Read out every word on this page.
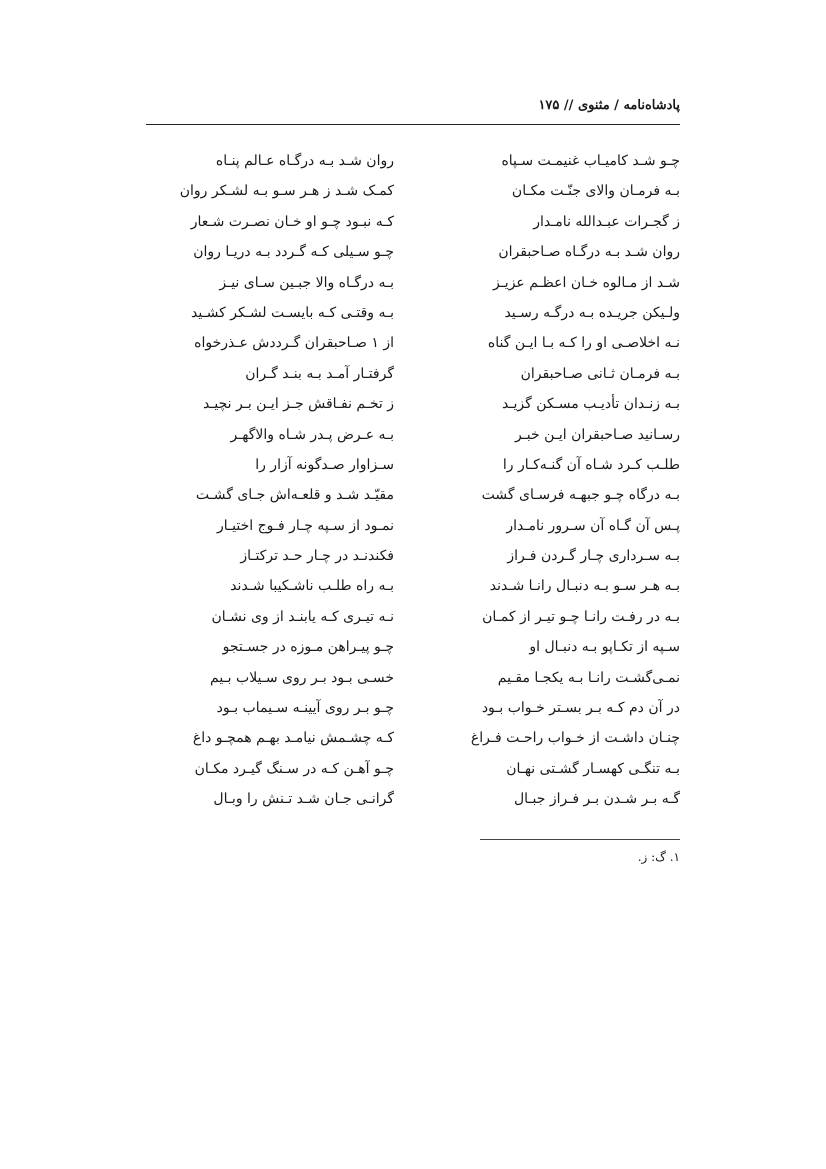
پادشاه‌نامه / مثنوی // ۱۷۵
چـو شـد کامیـاب غنیمـت سـپاه
بـه فرمـان والای جنّـت مکـان
ز گجـرات عبـدالله نامـدار
روان شـد بـه درگـاه صـاحبقران
شـد از مـالوه خـان اعظـم عزیـز
ولـیکن جریـده بـه درگـه رسـید
نـه اخلاصـی او را کـه بـا ایـن گناه
بـه فرمـان ثـانی صـاحبقران
بـه زنـدان تأدیـب مسـکن گزیـد
رسـانید صـاحبقران ایـن خبـر
طلـب کـرد شـاه آن گنـه‌کـار را
بـه درگاه چـو جبهـه فرسـای گشت
پـس آن گـاه آن سـرور نامـدار
بـه سـرداری چـار گـردن فـراز
بـه هـر سـو بـه دنبـال رانـا شـدند
بـه در رفـت رانـا چـو تیـر از کمـان
سـپه از تکـاپو بـه دنبـال او
نمـی‌گشـت رانـا بـه یکجـا مقـیم
در آن دم کـه بـر بسـتر خـواب بـود
چنـان داشـت از خـواب راحـت فـراغ
بـه تنگـی کهسـار گشـتی نهـان
گـه بـر شـدن بـر فـراز جبـال
روان شـد بـه درگـاه عـالم پنـاه
کمـک شـد ز هـر سـو بـه لشـکر روان
کـه نبـود چـو او خـان نصـرت شـعار
چـو سـیلی کـه گـردد بـه دریـا روان
بـه درگـاه والا جبـین سـای نیـز
بـه وقتـی کـه بایسـت لشـکر کشـید
از ۱ صـاحبقران گـرددش عـذرخواه
گرفتـار آمـد بـه بنـد گـران
ز تخـم نفـاقش جـز ایـن بـر نچیـد
بـه عـرض پـدر شـاه والاگهـر
سـزاوار صـدگونه آزار را
مقیّـد شـد و قلعـه‌اش جـای گشـت
نمـود از سـپه چـار فـوج اختیـار
فکندنـد در چـار حـد ترکتـاز
بـه راه طلـب ناشـکیبا شـدند
نـه تیـری کـه یابنـد از وی نشـان
چـو پیـراهن مـوزه در جسـتجو
خسـی بـود بـر روی سـیلاب بـیم
چـو بـر روی آیینـه سـیماب بـود
کـه چشـمش نیامـد بهـم همچـو داغ
چـو آهـن کـه در سـنگ گیـرد مکـان
گرانـی جـان شـد تـنش را وبـال
۱. گ: ز.
